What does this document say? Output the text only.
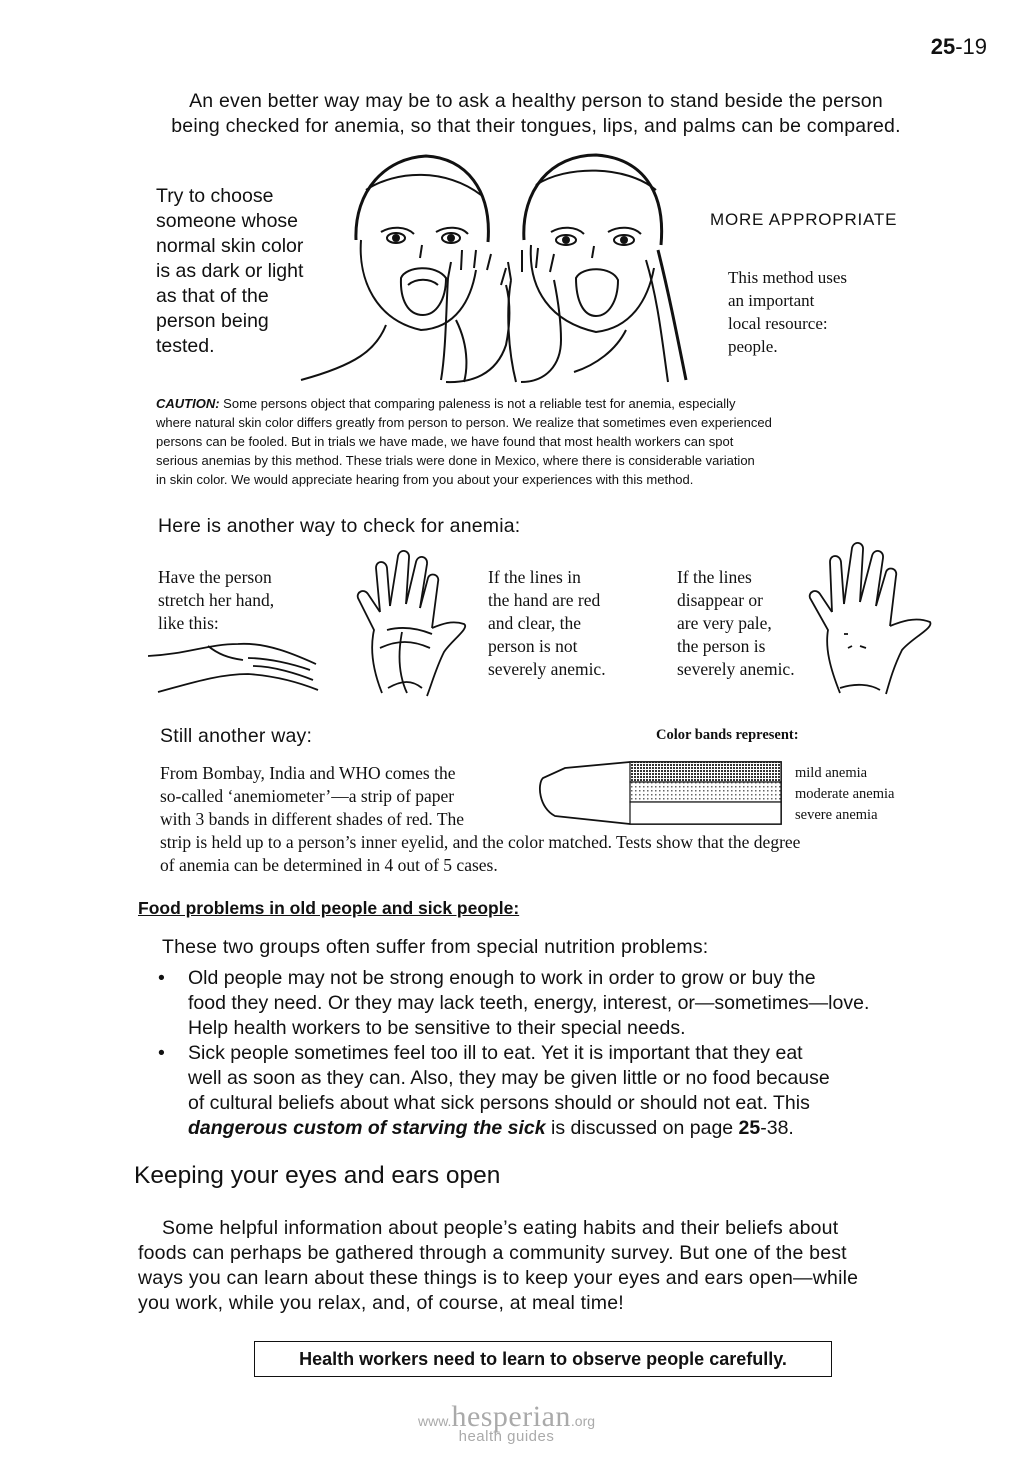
25-19
An even better way may be to ask a healthy person to stand beside the person
being checked for anemia, so that their tongues, lips, and palms can be compared.
Try to choose
someone whose
normal skin color
is as dark or light
as that of the
person being
tested.
MORE APPROPRIATE
This method uses
an important
local resource:
people.
CAUTION: Some persons object that comparing paleness is not a reliable test for anemia, especially
where natural skin color differs greatly from person to person. We realize that sometimes even experienced
persons can be fooled. But in trials we have made, we have found that most health workers can spot
serious anemias by this method. These trials were done in Mexico, where there is considerable variation
in skin color. We would appreciate hearing from you about your experiences with this method.
Here is another way to check for anemia:
Have the person
stretch her hand,
like this:
If the lines in
the hand are red
and clear, the
person is not
severely anemic.
If the lines
disappear or
are very pale,
the person is
severely anemic.
Still another way:	Color bands represent:
From Bombay, India and WHO comes the
so-called ‘anemiometer’—a strip of paper
with 3 bands in different shades of red. The
mild anemia
moderate anemia
severe anemia
strip is held up to a person’s inner eyelid, and the color matched. Tests show that the degree
of anemia can be determined in 4 out of 5 cases.
Food problems in old people and sick people:
These two groups often suffer from special nutrition problems:
•	Old people may not be strong enough to work in order to grow or buy the
food they need. Or they may lack teeth, energy, interest, or—sometimes—love.
Help health workers to be sensitive to their special needs.
•	Sick people sometimes feel too ill to eat. Yet it is important that they eat
well as soon as they can. Also, they may be given little or no food because
of cultural beliefs about what sick persons should or should not eat. This
dangerous custom of starving the sick is discussed on page 25-38.
Keeping your eyes and ears open
Some helpful information about people’s eating habits and their beliefs about
foods can perhaps be gathered through a community survey. But one of the best
ways you can learn about these things is to keep your eyes and ears open—while
you work, while you relax, and, of course, at meal time!
Health workers need to learn to observe people carefully.
www.hesperian.org
health guides
